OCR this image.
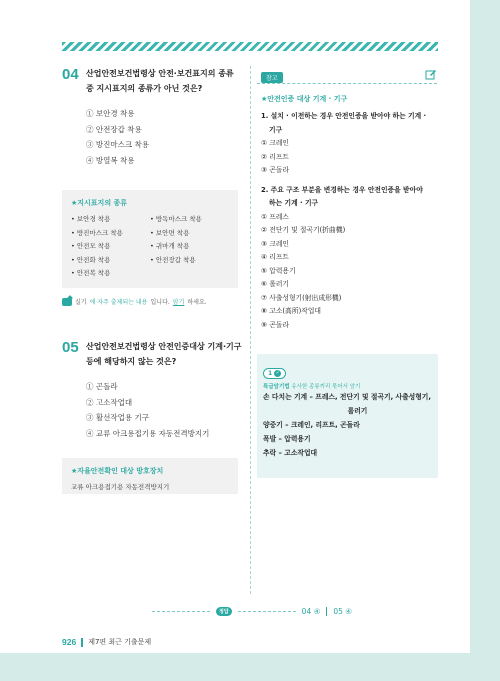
04 산업안전보건법령상 안전·보건표지의 종류 중 지시표지의 종류가 아닌 것은?
① 보안경 착용
② 안전장갑 착용
③ 방진마스크 착용
④ 방열복 착용
★지시표지의 종류
• 보안경 착용	• 방독마스크 착용
• 방진마스크 착용	• 보안면 착용
• 안전모 착용	• 귀마개 착용
• 안전화 착용	• 안전장갑 착용
• 안전복 착용
실기 에 자주 출제되는 내용 입니다. 암기 하세요.
05 산업안전보건법령상 안전인증대상 기계·기구 등에 해당하지 않는 것은?
① 곤돌라
② 고소작업대
③ 활선작업용 기구
④ 교류 아크용접기용 자동전격방지기
★자율안전확인 대상 방호장치
교류 아크용접기용 자동전격방지기
참고
★안전인증 대상 기계 · 기구
1. 설치 · 이전하는 경우 안전인증을 받아야 하는 기계 ·
기구
① 크레인
② 리프트
③ 곤돌라
2. 주요 구조 부분을 변경하는 경우 안전인증을 받아야
하는 기계 · 기구
① 프레스
② 전단기 및 절곡기(折曲機)
③ 크레인
④ 리프트
⑤ 압력용기
⑥ 롤러기
⑦ 사출성형기(射出成形機)
⑧ 고소(高所)작업대
⑨ 곤돌라
1 ✓
특급암기법 유사한 종류끼리 묶어서 암기
손 다치는 기계 – 프레스, 전단기 및 절곡기, 사출성형기,
롤러기
양중기 – 크레인, 리프트, 곤돌라
폭발 – 압력용기
추락 – 고소작업대
정답	04 ④ 05 ④
926 제7편 최근 기출문제
